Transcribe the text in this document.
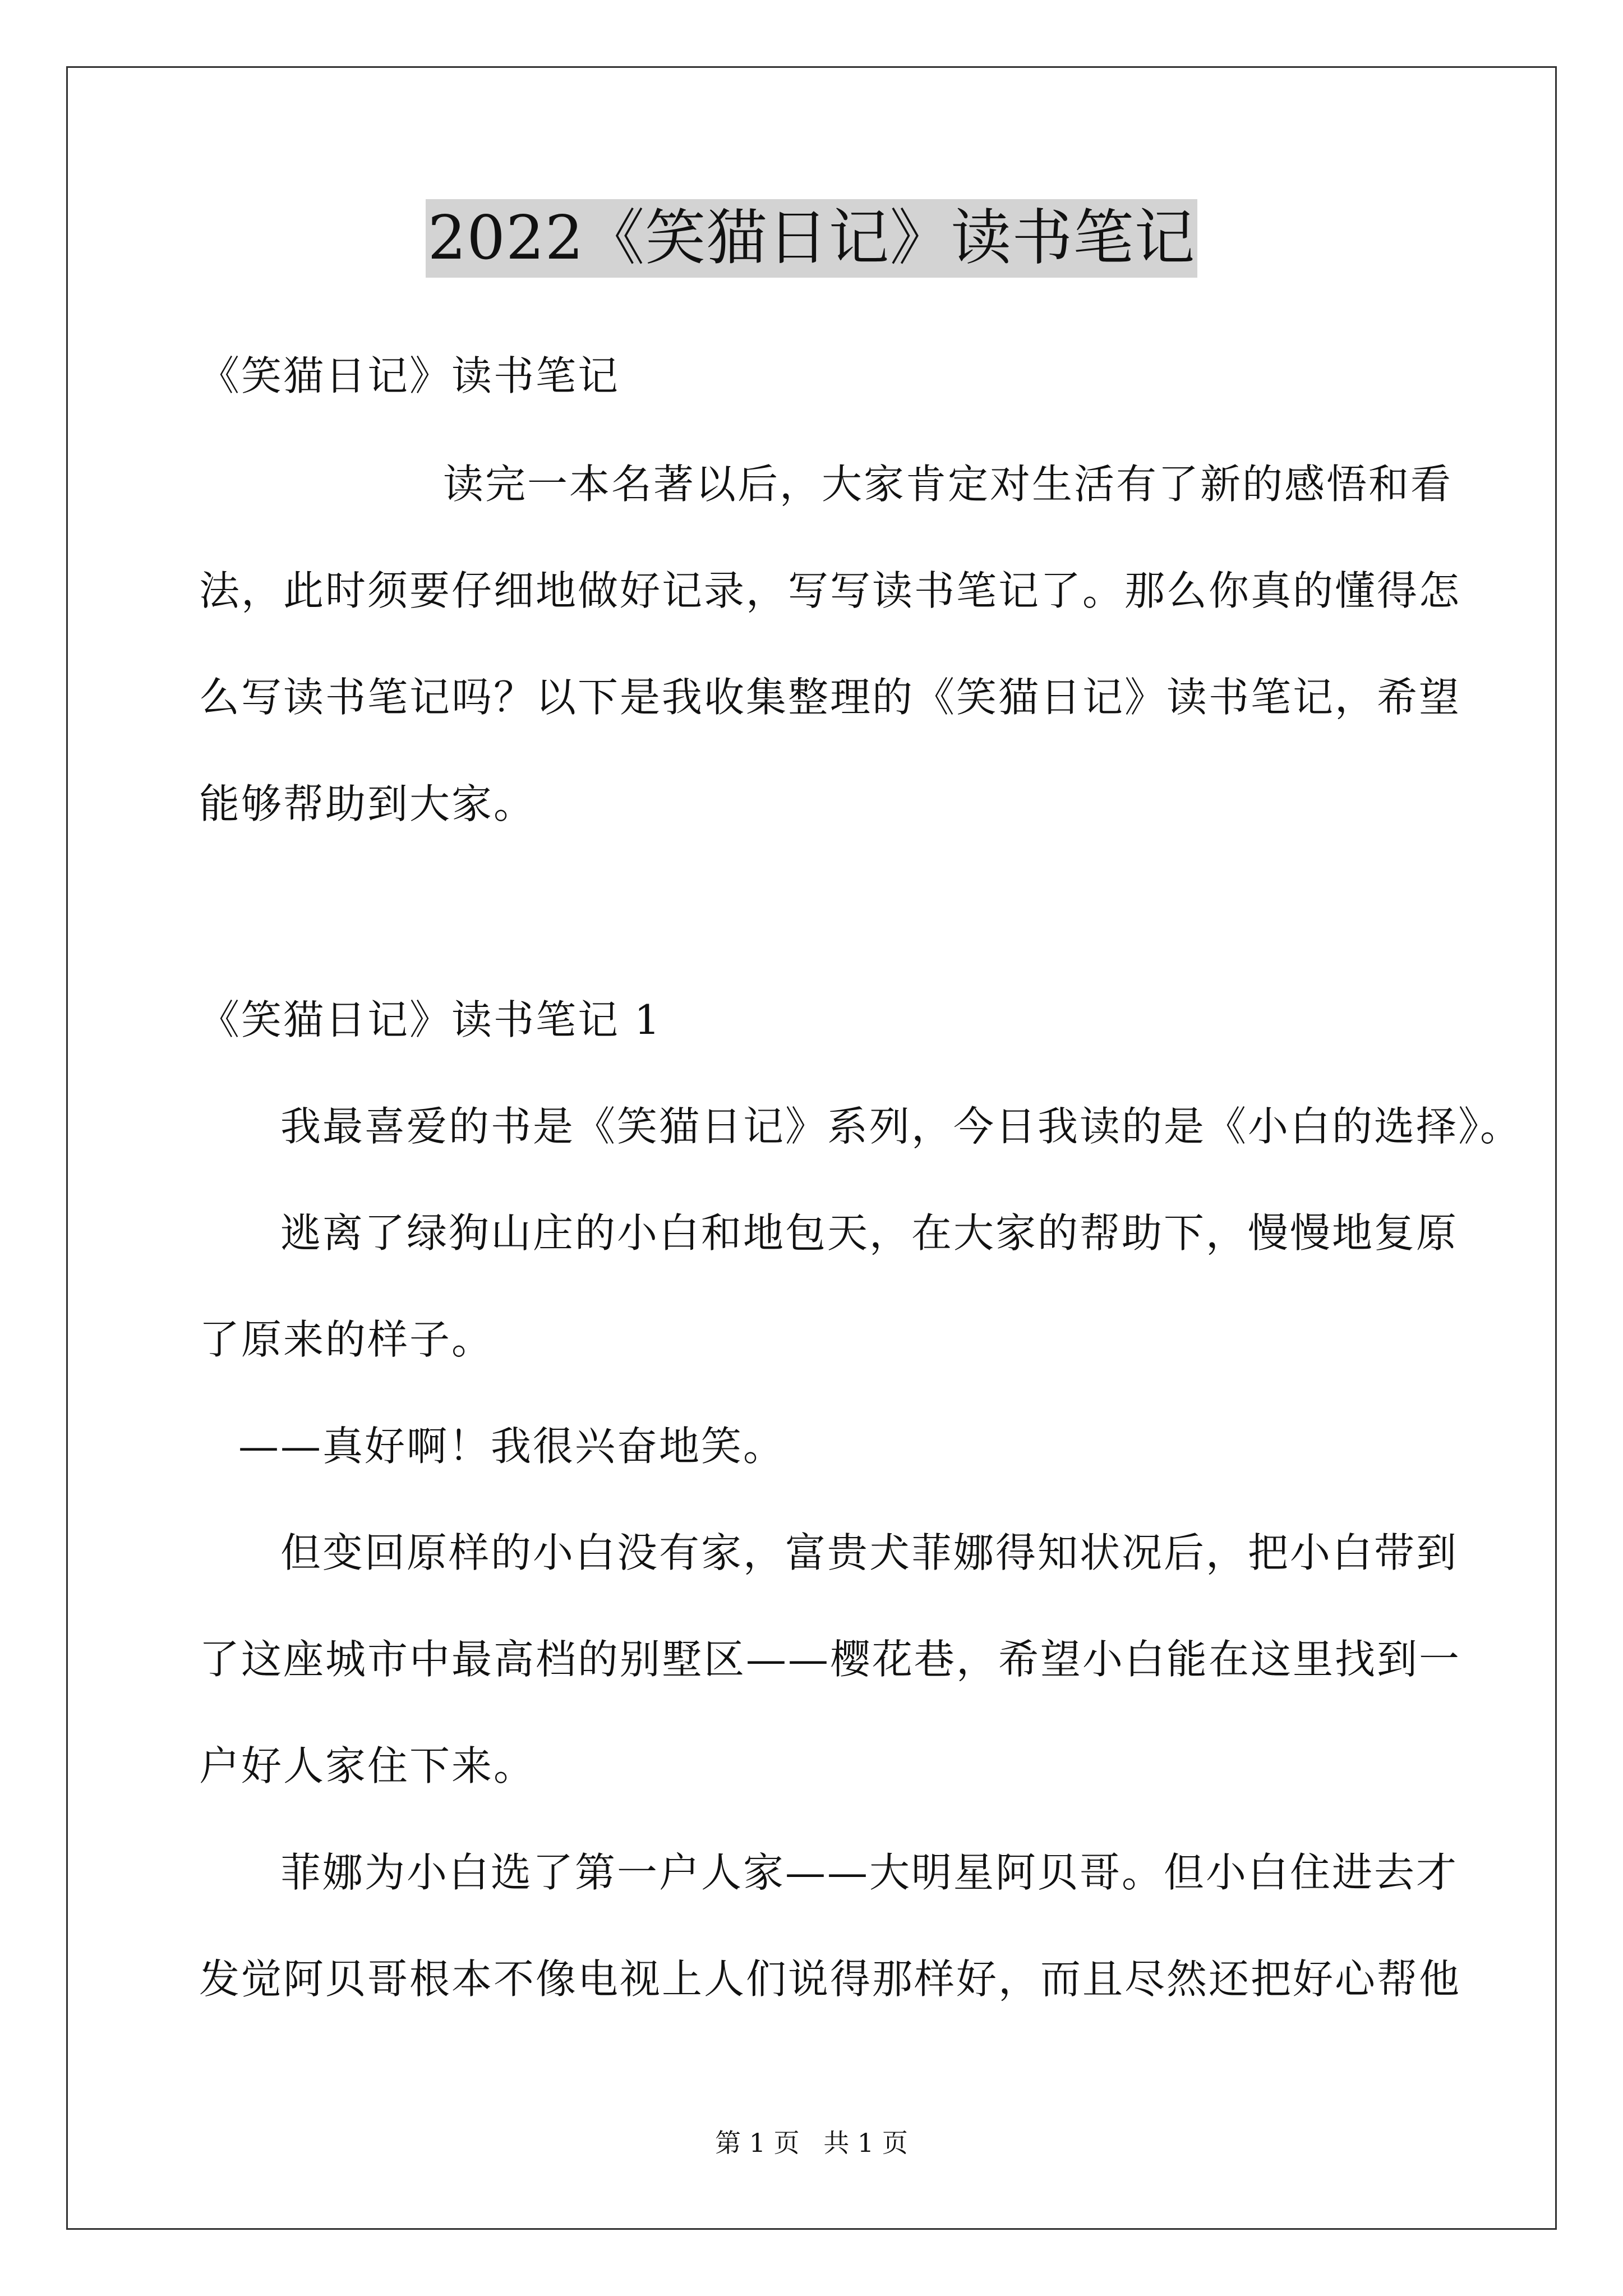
2022《笑猫日记》读书笔记
《笑猫日记》读书笔记
读完一本名著以后，大家肯定对生活有了新的感悟和看
法，此时须要仔细地做好记录，写写读书笔记了。那么你真的懂得怎
么写读书笔记吗？以下是我收集整理的《笑猫日记》读书笔记，希望
能够帮助到大家。
《笑猫日记》读书笔记 1
我最喜爱的书是《笑猫日记》系列，今日我读的是《小白的选择》。
逃离了绿狗山庄的小白和地包天，在大家的帮助下，慢慢地复原
了原来的样子。
——真好啊！我很兴奋地笑。
但变回原样的小白没有家，富贵犬菲娜得知状况后，把小白带到
了这座城市中最高档的别墅区——樱花巷，希望小白能在这里找到一
户好人家住下来。
菲娜为小白选了第一户人家——大明星阿贝哥。但小白住进去才
发觉阿贝哥根本不像电视上人们说得那样好，而且尽然还把好心帮他
第 1 页 共 1 页
